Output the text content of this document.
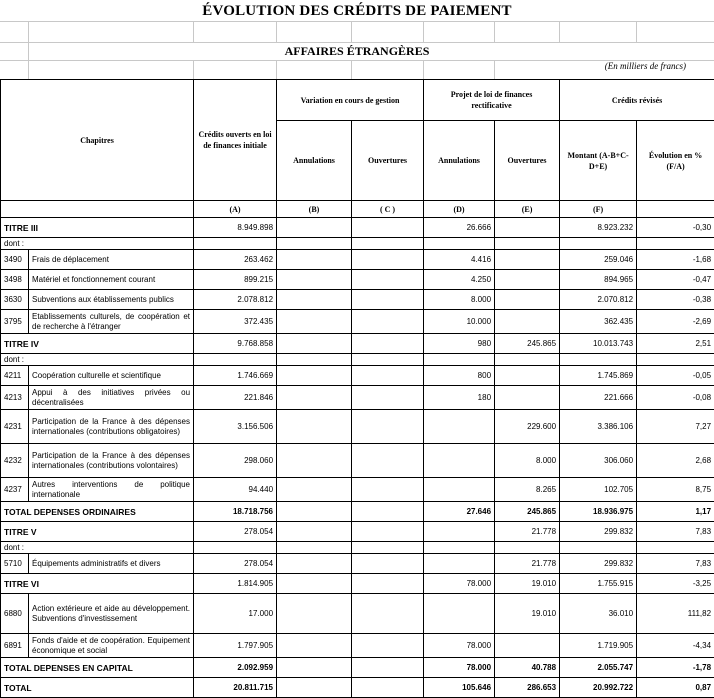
ÉVOLUTION DES CRÉDITS DE PAIEMENT
AFFAIRES ÉTRANGÈRES
(En milliers de francs)
Chapitres		Crédits ouverts en loi de finances initiale	Variation en cours de gestion		Projet de loi de finances rectificative		Crédits révisés	
			Annulations	Ouvertures	Annulations	Ouvertures	Montant (A-B+C-D+E)	Évolution en % (F/A)
		(A)	(B)	( C )	(D)	(E)	(F)	
TITRE III		8.949.898			26.666		8.923.232	-0,30
dont :								
3490	Frais de déplacement	263.462			4.416		259.046	-1,68
3498	Matériel et fonctionnement courant	899.215			4.250		894.965	-0,47
3630	Subventions aux établissements publics	2.078.812			8.000		2.070.812	-0,38
3795	Etablissements culturels, de coopération et de recherche à l'étranger	372.435			10.000		362.435	-2,69
TITRE IV		9.768.858			980	245.865	10.013.743	2,51
dont :								
4211	Coopération culturelle et scientifique	1.746.669			800		1.745.869	-0,05
4213	Appui à des initiatives privées ou décentralisées	221.846			180		221.666	-0,08
4231	Participation de la France à des dépenses internationales (contributions obligatoires)	3.156.506				229.600	3.386.106	7,27
4232	Participation de la France à des dépenses internationales (contributions volontaires)	298.060				8.000	306.060	2,68
4237	Autres interventions de politique internationale	94.440				8.265	102.705	8,75
TOTAL DEPENSES ORDINAIRES		18.718.756			27.646	245.865	18.936.975	1,17
TITRE V		278.054				21.778	299.832	7,83
dont :								
5710	Équipements administratifs et divers	278.054				21.778	299.832	7,83
TITRE VI		1.814.905			78.000	19.010	1.755.915	-3,25
6880	Action extérieure et aide au développement. Subventions d'investissement	17.000				19.010	36.010	111,82
6891	Fonds d'aide et de coopération. Equipement économique et social	1.797.905			78.000		1.719.905	-4,34
TOTAL DEPENSES EN CAPITAL		2.092.959			78.000	40.788	2.055.747	-1,78
TOTAL		20.811.715			105.646	286.653	20.992.722	0,87
